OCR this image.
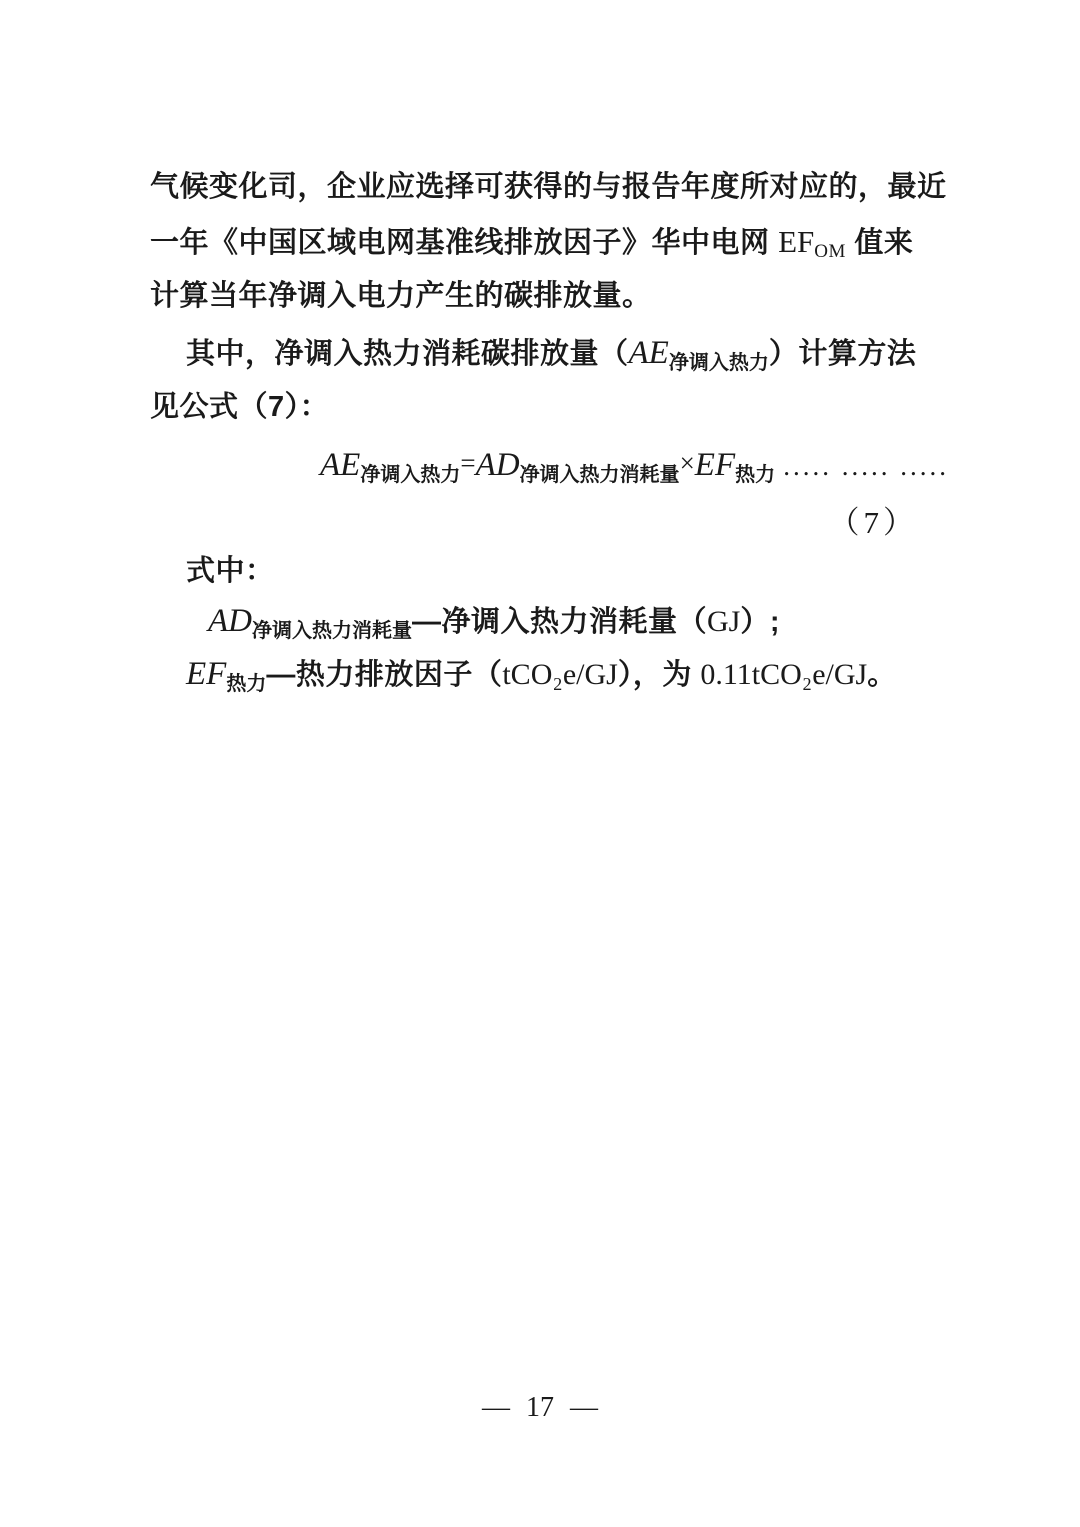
气候变化司，企业应选择可获得的与报告年度所对应的，最近
一年《中国区域电网基准线排放因子》华中电网 EFOM 值来
计算当年净调入电力产生的碳排放量。
其中，净调入热力消耗碳排放量$(AE_{净调入热力})$计算方法
见公式（7）：
$AE_{净调入热力}=AD_{净调入热力消耗量}\times EF_{热力}$ ..... ..... .....
（7）
式中：
$AD_{净调入热力消耗量}—$净调入热力消耗量（GJ）;
$EF_{热力}—$热力排放因子（tCO₂e/GJ），为 0.11tCO₂e/GJ。
— 17 —
